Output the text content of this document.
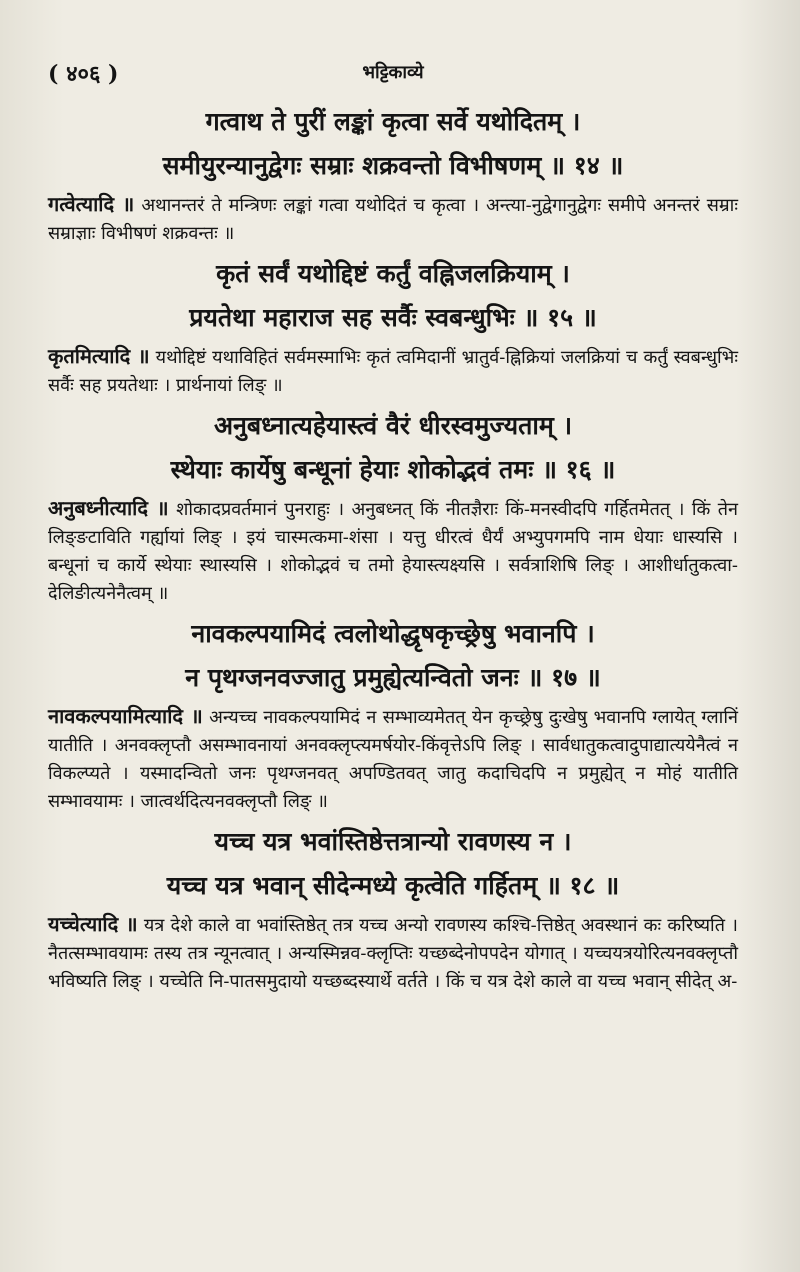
( ४०६ )	भट्टिकाव्ये

गत्वाथ ते पुरीं लङ्कां कृत्वा सर्वे यथोदितम् ।

समीयुरन्यानुद्वेगः सम्राः शक्रवन्तो विभीषणम् ॥ १४ ॥

गत्वेत्यादि ॥ अथानन्तरं ते मन्त्रिणः लङ्कां गत्वा यथोदितं च कृत्वा । अन्त्या-नुद्वेगानुद्वेगः समीपे अनन्तरं सम्राः सम्राज्ञाः विभीषणं शक्रवन्तः ॥

कृतं सर्वं यथोद्दिष्टं कर्तुं वह्निजलक्रियाम् ।

प्रयतेथा महाराज सह सर्वैः स्वबन्धुभिः ॥ १५ ॥

कृतमित्यादि ॥ यथोद्दिष्टं यथाविहितं सर्वमस्माभिः कृतं त्वमिदानीं भ्रातुर्व-ह्निक्रियां जलक्रियां च कर्तुं स्वबन्धुभिः सर्वैः सह प्रयतेथाः । प्रार्थनायां लिङ् ॥

अनुबध्नात्यहेयास्त्वं वैरं धीरस्वमुज्यताम् ।

स्थेयाः कार्येषु बन्धूनां हेयाः शोकोद्भवं तमः ॥ १६ ॥

अनुबध्नीत्यादि ॥ शोकादप्रवर्तमानं पुनराहुः । अनुबध्नत् किं नीतज्ञैराः किं-मनस्वीदपि गर्हितमेतत् । किं तेन लिङ्ङटाविति गर्ह्यायां लिङ् । इयं चास्मत्कमा-शंसा । यत्तु धीरत्वं धैर्यं अभ्युपगमपि नाम धेयाः धास्यसि । बन्धूनां च कार्ये स्थेयाः स्थास्यसि । शोकोद्भवं च तमो हेयास्त्यक्ष्यसि । सर्वत्राशिषि लिङ् । आशीर्धातुकत्वा-देलिङीत्यनेनैत्वम् ॥

नावकल्पयामिदं त्वलोथोद्धृषकृच्छ्रेषु भवानपि ।

न पृथग्जनवज्जातु प्रमुह्येत्यन्वितो जनः ॥ १७ ॥

नावकल्पयामित्यादि ॥ अन्यच्च नावकल्पयामिदं न सम्भाव्यमेतत् येन कृच्छ्रेषु दुःखेषु भवानपि ग्लायेत् ग्लानिं यातीति । अनवक्लृप्तौ असम्भावनायां अनवक्लृप्त्यमर्षयोर-किंवृत्तेऽपि लिङ् । सार्वधातुकत्वादुपाद्यात्ययेनैत्वं न विकल्प्यते । यस्मादन्वितो जनः पृथग्जनवत् अपण्डितवत् जातु कदाचिदपि न प्रमुह्येत् न मोहं यातीति सम्भावयामः । जात्वर्थदित्यनवक्लृप्तौ लिङ् ॥

यच्च यत्र भवांस्तिष्ठेत्तत्रान्यो रावणस्य न ।

यच्च यत्र भवान् सीदेन्मध्ये कृत्वेति गर्हितम् ॥ १८ ॥

यच्चेत्यादि ॥ यत्र देशे काले वा भवांस्तिष्ठेत् तत्र यच्च अन्यो रावणस्य कश्चि-त्तिष्ठेत् अवस्थानं कः करिष्यति । नैतत्सम्भावयामः तस्य तत्र न्यूनत्वात् । अन्यस्मिन्नव-क्लृप्तिः यच्छब्देनोपपदेन योगात् । यच्चयत्रयोरित्यनवक्लृप्तौ भविष्यति लिङ् । यच्चेति नि-पातसमुदायो यच्छब्दस्यार्थे वर्तते । किं च यत्र देशे काले वा यच्च भवान् सीदेत् अ-
